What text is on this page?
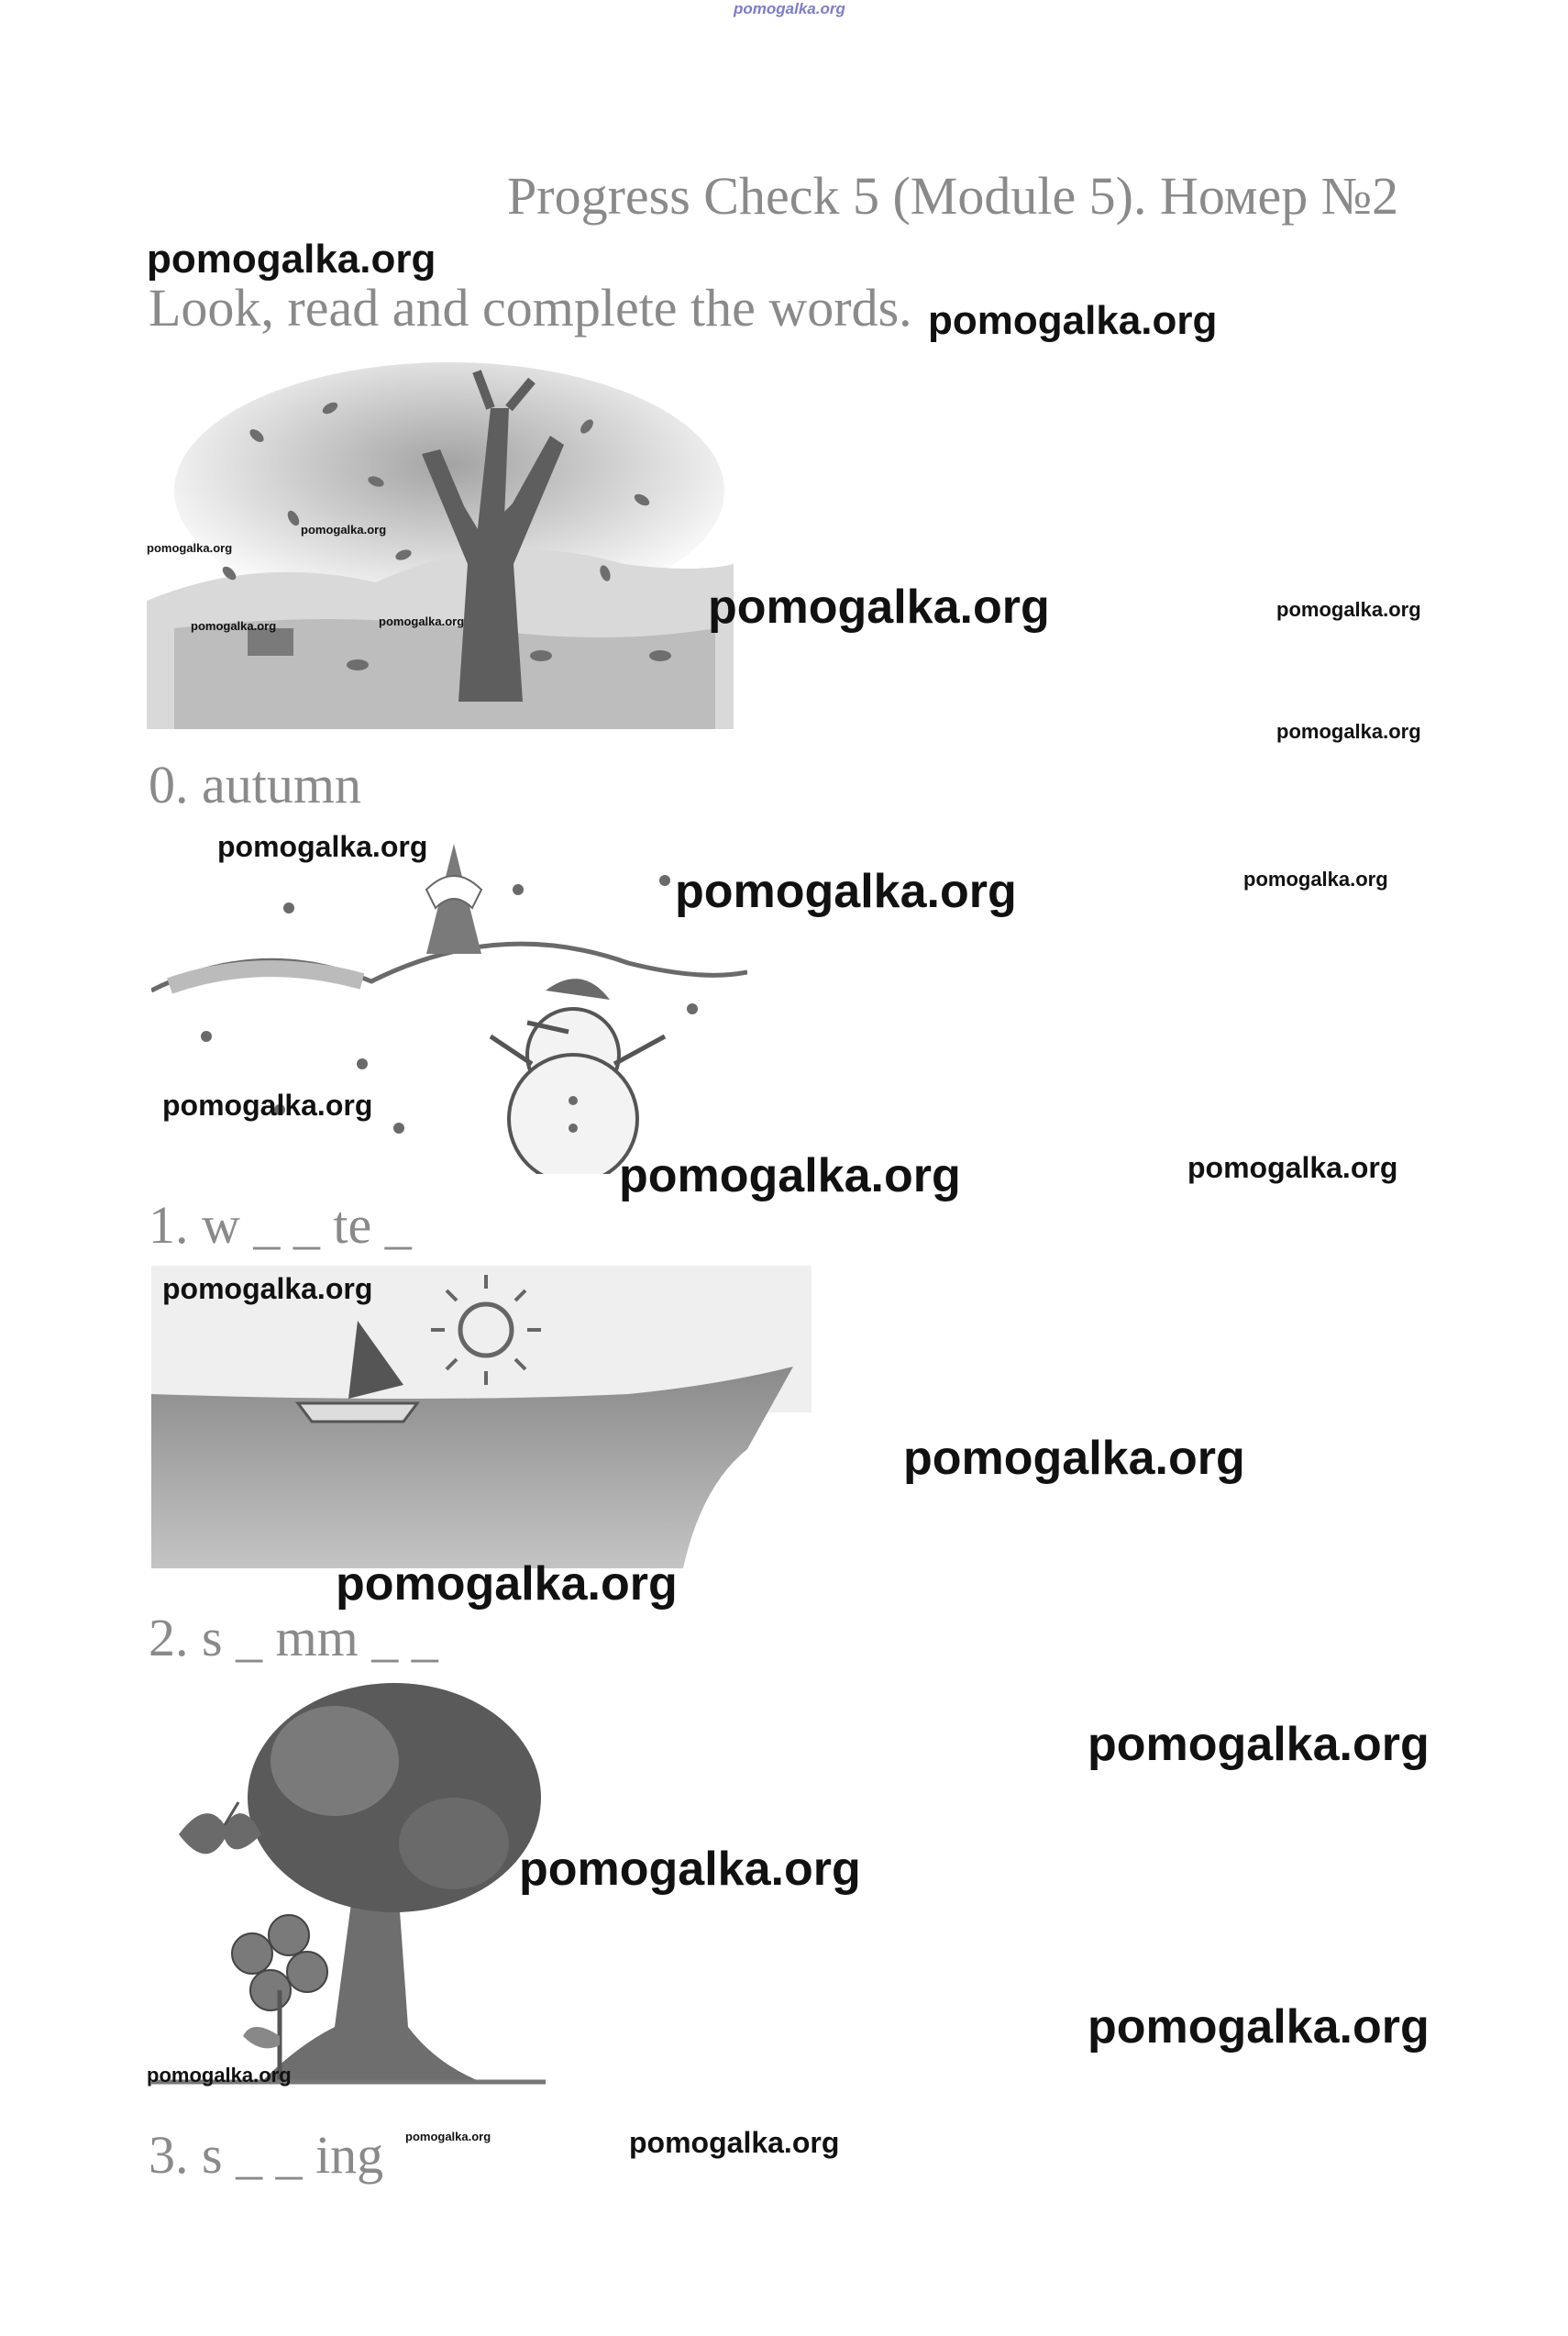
pomogalka.org
Progress Check 5 (Module 5). Номер №2
Look, read and complete the words.
0. autumn
1. w _ _ te _
2. s _ mm _ _
3. s _ _ ing
pomogalka.org
pomogalka.org
pomogalka.org
pomogalka.org
pomogalka.org	pomogalka.org	pomogalka.org	pomogalka.org
pomogalka.org
pomogalka.org
pomogalka.org	pomogalka.org
pomogalka.org
pomogalka.org	pomogalka.org
pomogalka.org
pomogalka.org
pomogalka.org
pomogalka.org
pomogalka.org
pomogalka.org
pomogalka.org
pomogalka.org	pomogalka.org
